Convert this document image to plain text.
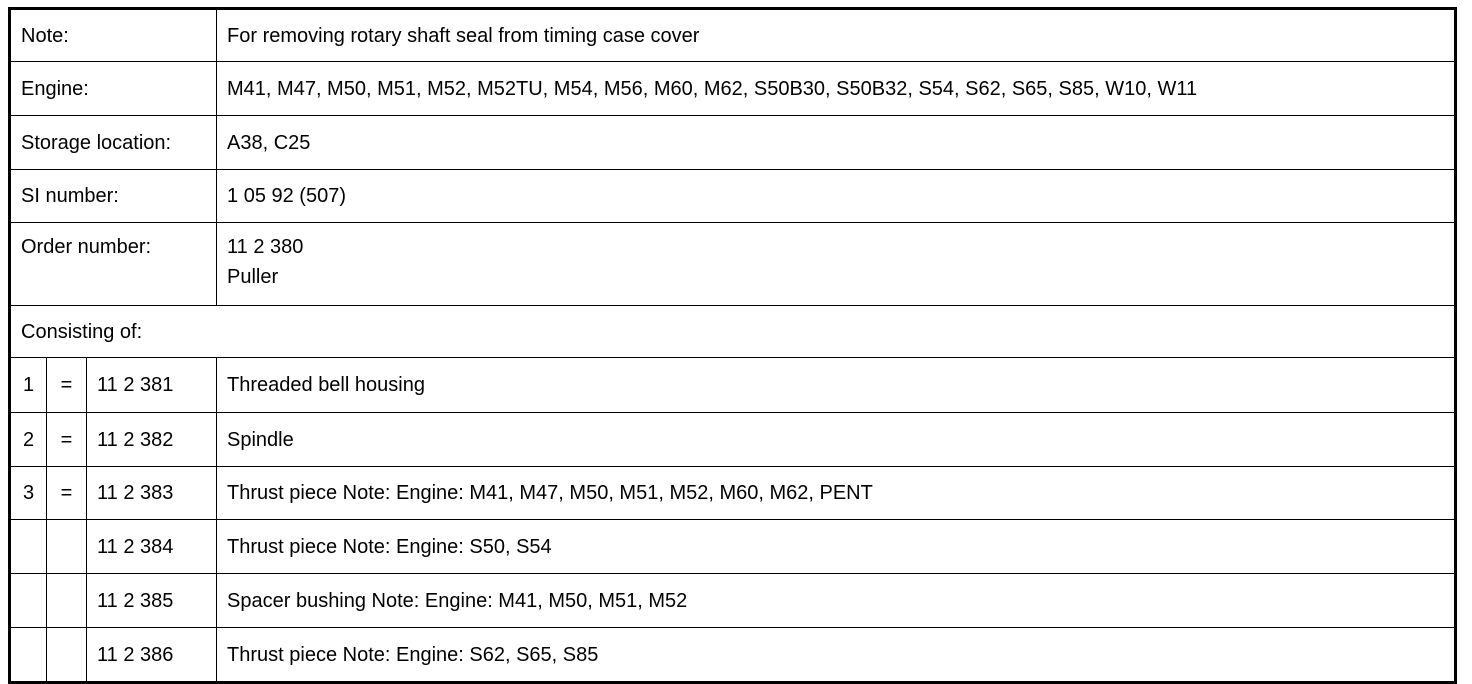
Note:			For removing rotary shaft seal from timing case cover
Engine:			M41, M47, M50, M51, M52, M52TU, M54, M56, M60, M62, S50B30, S50B32, S54, S62, S65, S85, W10, W11
Storage location:			A38, C25
SI number:			1 05 92 (507)
Order number:			11 2 380
Puller

Consisting of:			
1	=	11 2 381	Threaded bell housing
2	=	11 2 382	Spindle
3	=	11 2 383	Thrust piece Note: Engine: M41, M47, M50, M51, M52, M60, M62, PENT
		11 2 384	Thrust piece Note: Engine: S50, S54
		11 2 385	Spacer bushing Note: Engine: M41, M50, M51, M52
		11 2 386	Thrust piece Note: Engine: S62, S65, S85
